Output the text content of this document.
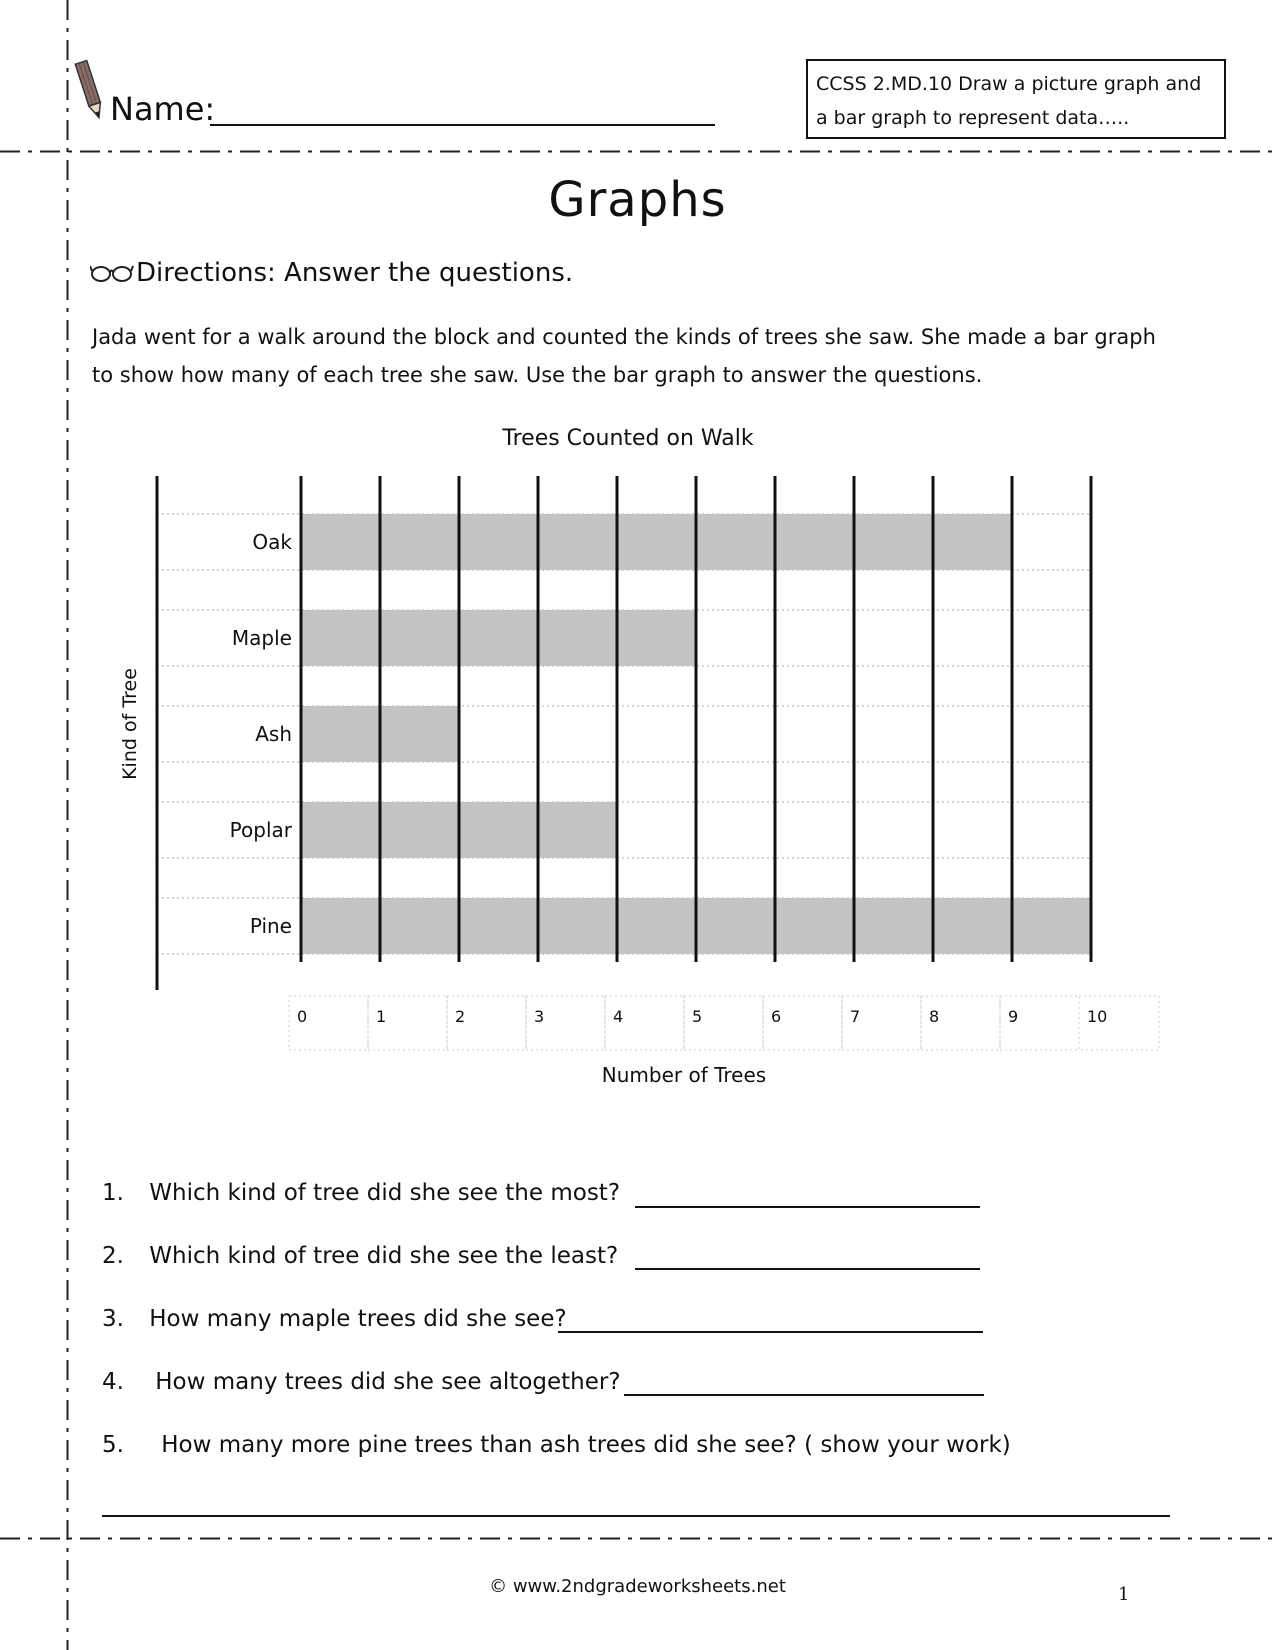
Name:
CCSS 2.MD.10 Draw a picture graph and
a bar graph to represent data…..
Graphs
Directions: Answer the questions.
Jada went for a walk around the block and counted the kinds of trees she saw. She made a bar graph
to show how many of each tree she saw. Use the bar graph to answer the questions.
Trees Counted on Walk
Kind of Tree
Number of Trees
Oak
Maple
Ash
Poplar
Pine
0	1	2	3	4	5	6	7	8	9	10
1. Which kind of tree did she see the most?
2. Which kind of tree did she see the least?
3. How many maple trees did she see?
4. How many trees did she see altogether?
5. How many more pine trees than ash trees did she see? ( show your work)
© www.2ndgradeworksheets.net	1
